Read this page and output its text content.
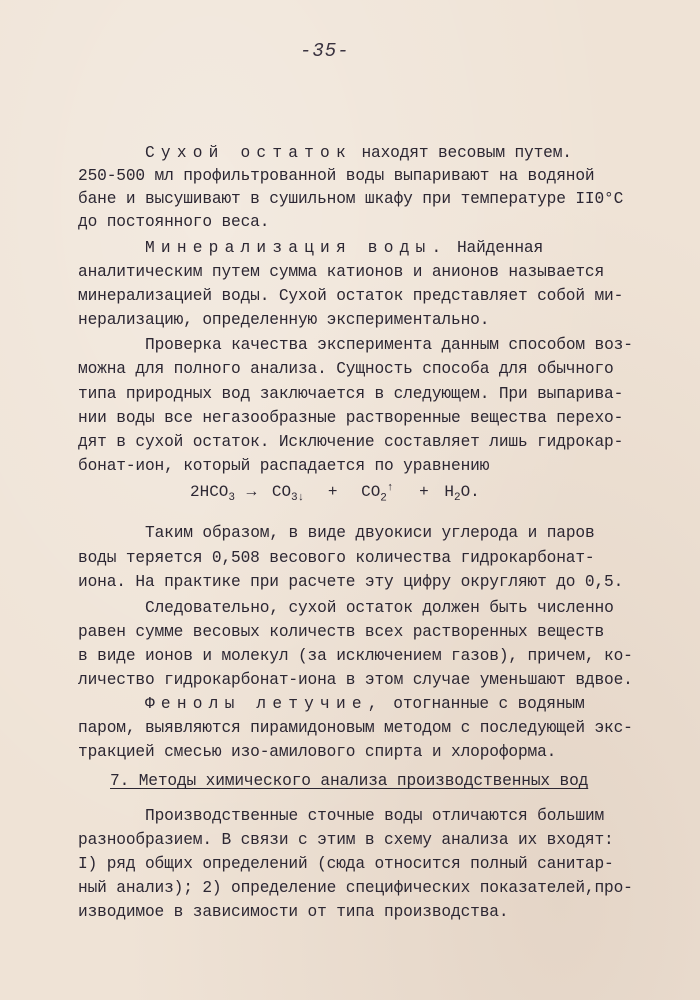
-35-
Сухой остаток находят весовым путем.
250-500 мл профильтрованной воды выпаривают на водяной
бане и высушивают в сушильном шкафу при температуре II0°С
до постоянного веса.
Минерализация воды. Найденная
аналитическим путем сумма катионов и анионов называется
минерализацией воды. Сухой остаток представляет собой ми-
нерализацию, определенную экспериментально.
Проверка качества эксперимента данным способом воз-
можна для полного анализа. Сущность способа для обычного
типа природных вод заключается в следующем. При выпарива-
нии воды все негазообразные растворенные вещества перехо-
дят в сухой остаток. Исключение составляет лишь гидрокар-
бонат-ион, который распадается по уравнению
$2HCO_3 \to CO_{3↓} + CO_2^↑ + H_2O$.
Таким образом, в виде двуокиси углерода и паров
воды теряется 0,508 весового количества гидрокарбонат-
иона. На практике при расчете эту цифру округляют до 0,5.
Следовательно, сухой остаток должен быть численно
равен сумме весовых количеств всех растворенных веществ
в виде ионов и молекул (за исключением газов), причем, ко-
личество гидрокарбонат-иона в этом случае уменьшают вдвое.
Фенолы летучие, отогнанные с водяным
паром, выявляются пирамидоновым методом с последующей экс-
тракцией смесью изо-амилового спирта и хлороформа.
7. Методы химического анализа производственных вод
Производственные сточные воды отличаются большим
разнообразием. В связи с этим в схему анализа их входят:
I) ряд общих определений (сюда относится полный санитар-
ный анализ); 2) определение специфических показателей,про-
изводимое в зависимости от типа производства.
